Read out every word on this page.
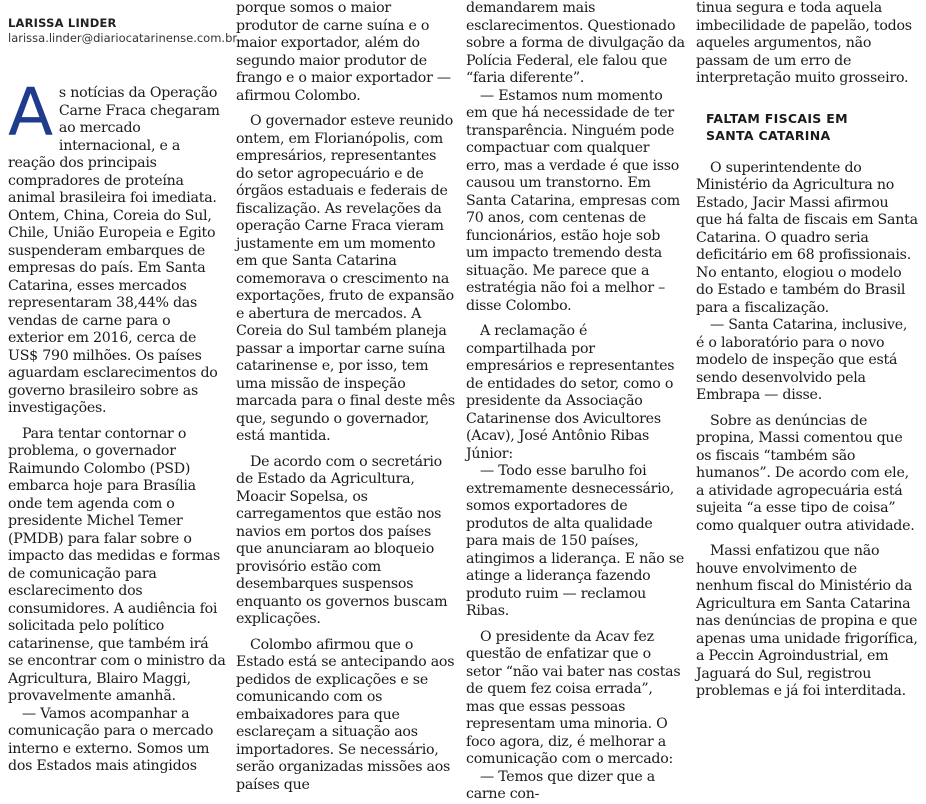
LARISSA LINDER
larissa.linder@diariocatarinense.com.br
A s notícias da Operação Carne Fraca chegaram ao mercado internacional, e a reação dos principais compradores de proteína animal brasileira foi imediata. Ontem, China, Coreia do Sul, Chile, União Europeia e Egito suspenderam embarques de empresas do país. Em Santa Catarina, esses mercados representaram 38,44% das vendas de carne para o exterior em 2016, cerca de US$ 790 milhões. Os países aguardam esclarecimentos do governo brasileiro sobre as investigações.

Para tentar contornar o problema, o governador Raimundo Colombo (PSD) embarca hoje para Brasília onde tem agenda com o presidente Michel Temer (PMDB) para falar sobre o impacto das medidas e formas de comunicação para esclarecimento dos consumidores. A audiência foi solicitada pelo político catarinense, que também irá se encontrar com o ministro da Agricultura, Blairo Maggi, provavelmente amanhã.

— Vamos acompanhar a comunicação para o mercado interno e externo. Somos um dos Estados mais atingidos

porque somos o maior produtor de carne suína e o maior exportador, além do segundo maior produtor de frango e o maior exportador — afirmou Colombo.

O governador esteve reunido ontem, em Florianópolis, com empresários, representantes do setor agropecuário e de órgãos estaduais e federais de fiscalização. As revelações da operação Carne Fraca vieram justamente em um momento em que Santa Catarina comemorava o crescimento na exportações, fruto de expansão e abertura de mercados. A Coreia do Sul também planeja passar a importar carne suína catarinense e, por isso, tem uma missão de inspeção marcada para o final deste mês que, segundo o governador, está mantida.

De acordo com o secretário de Estado da Agricultura, Moacir Sopelsa, os carregamentos que estão nos navios em portos dos países que anunciaram ao bloqueio provisório estão com desembarques suspensos enquanto os governos buscam explicações.

Colombo afirmou que o Estado está se antecipando aos pedidos de explicações e se comunicando com os embaixadores para que esclareçam a situação aos importadores. Se necessário, serão organizadas missões aos países que

demandarem mais esclarecimentos. Questionado sobre a forma de divulgação da Polícia Federal, ele falou que “faria diferente”.

— Estamos num momento em que há necessidade de ter transparência. Ninguém pode compactuar com qualquer erro, mas a verdade é que isso causou um transtorno. Em Santa Catarina, empresas com 70 anos, com centenas de funcionários, estão hoje sob um impacto tremendo desta situação. Me parece que a estratégia não foi a melhor – disse Colombo.

A reclamação é compartilhada por empresários e representantes de entidades do setor, como o presidente da Associação Catarinense dos Avicultores (Acav), José Antônio Ribas Júnior:

— Todo esse barulho foi extremamente desnecessário, somos exportadores de produtos de alta qualidade para mais de 150 países, atingimos a liderança. E não se atinge a liderança fazendo produto ruim — reclamou Ribas.

O presidente da Acav fez questão de enfatizar que o setor “não vai bater nas costas de quem fez coisa errada”, mas que essas pessoas representam uma minoria. O foco agora, diz, é melhorar a comunicação com o mercado:

— Temos que dizer que a carne con-

tinua segura e toda aquela imbecilidade de papelão, todos aqueles argumentos, não passam de um erro de interpretação muito grosseiro.

FALTAM FISCAIS EM
SANTA CATARINA

O superintendente do Ministério da Agricultura no Estado, Jacir Massi afirmou que há falta de fiscais em Santa Catarina. O quadro seria deficitário em 68 profissionais. No entanto, elogiou o modelo do Estado e também do Brasil para a fiscalização.

— Santa Catarina, inclusive, é o laboratório para o novo modelo de inspeção que está sendo desenvolvido pela Embrapa — disse.

Sobre as denúncias de propina, Massi comentou que os fiscais “também são humanos”. De acordo com ele, a atividade agropecuária está sujeita “a esse tipo de coisa” como qualquer outra atividade.

Massi enfatizou que não houve envolvimento de nenhum fiscal do Ministério da Agricultura em Santa Catarina nas denúncias de propina e que apenas uma unidade frigorífica, a Peccin Agroindustrial, em Jaguará do Sul, registrou problemas e já foi interditada.
